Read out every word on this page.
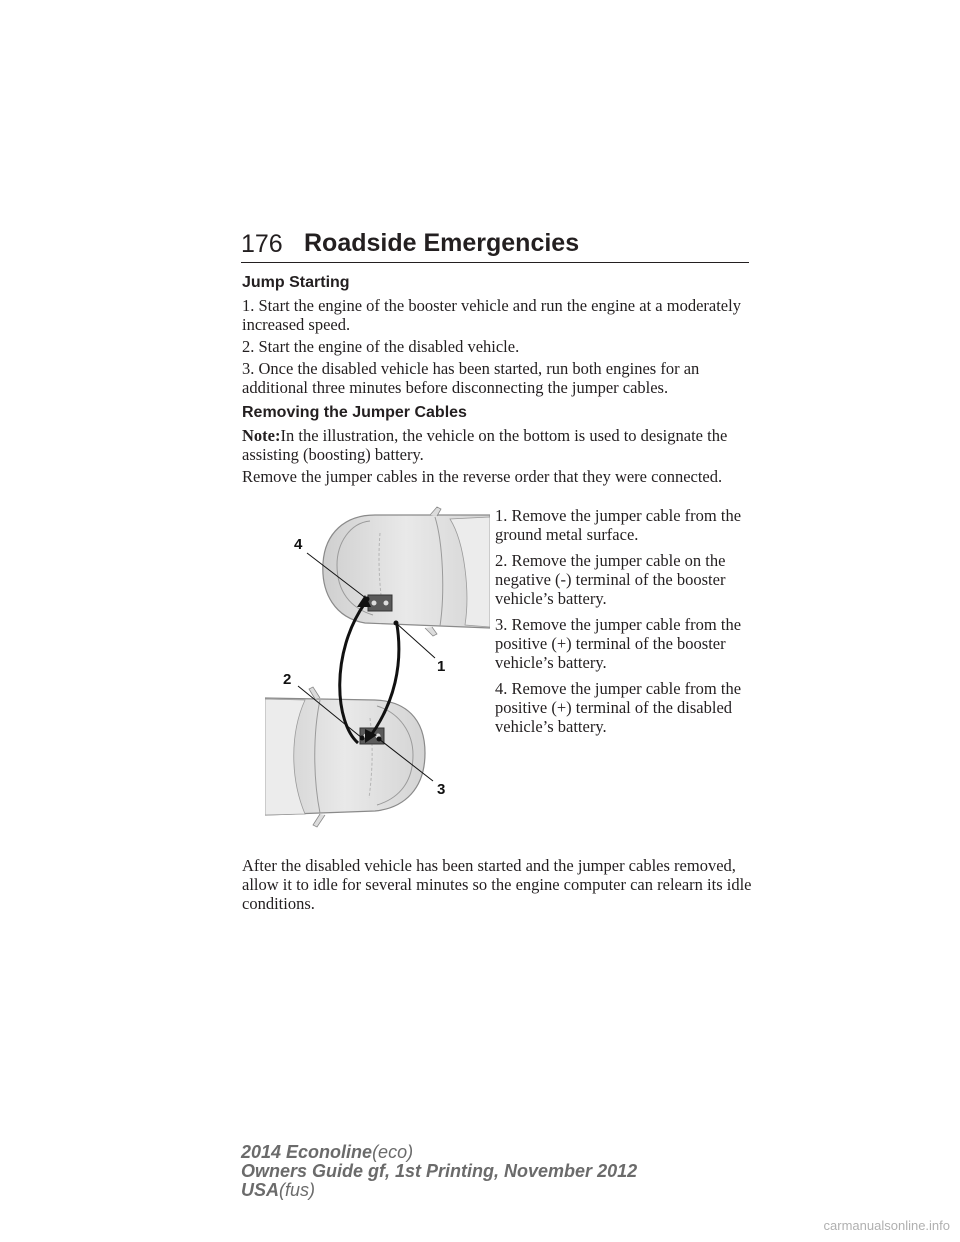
176 Roadside Emergencies
Jump Starting
1. Start the engine of the booster vehicle and run the engine at a moderately increased speed.
2. Start the engine of the disabled vehicle.
3. Once the disabled vehicle has been started, run both engines for an additional three minutes before disconnecting the jumper cables.
Removing the Jumper Cables
Note:In the illustration, the vehicle on the bottom is used to designate the assisting (boosting) battery.
Remove the jumper cables in the reverse order that they were connected.
1. Remove the jumper cable from the ground metal surface.
2. Remove the jumper cable on the negative (-) terminal of the booster vehicle’s battery.
3. Remove the jumper cable from the positive (+) terminal of the booster vehicle’s battery.
4. Remove the jumper cable from the positive (+) terminal of the disabled vehicle’s battery.
4
1
2
3
After the disabled vehicle has been started and the jumper cables removed, allow it to idle for several minutes so the engine computer can relearn its idle conditions.
2014 Econoline(eco)
Owners Guide gf, 1st Printing, November 2012
USA(fus)
carmanualsonline.info
